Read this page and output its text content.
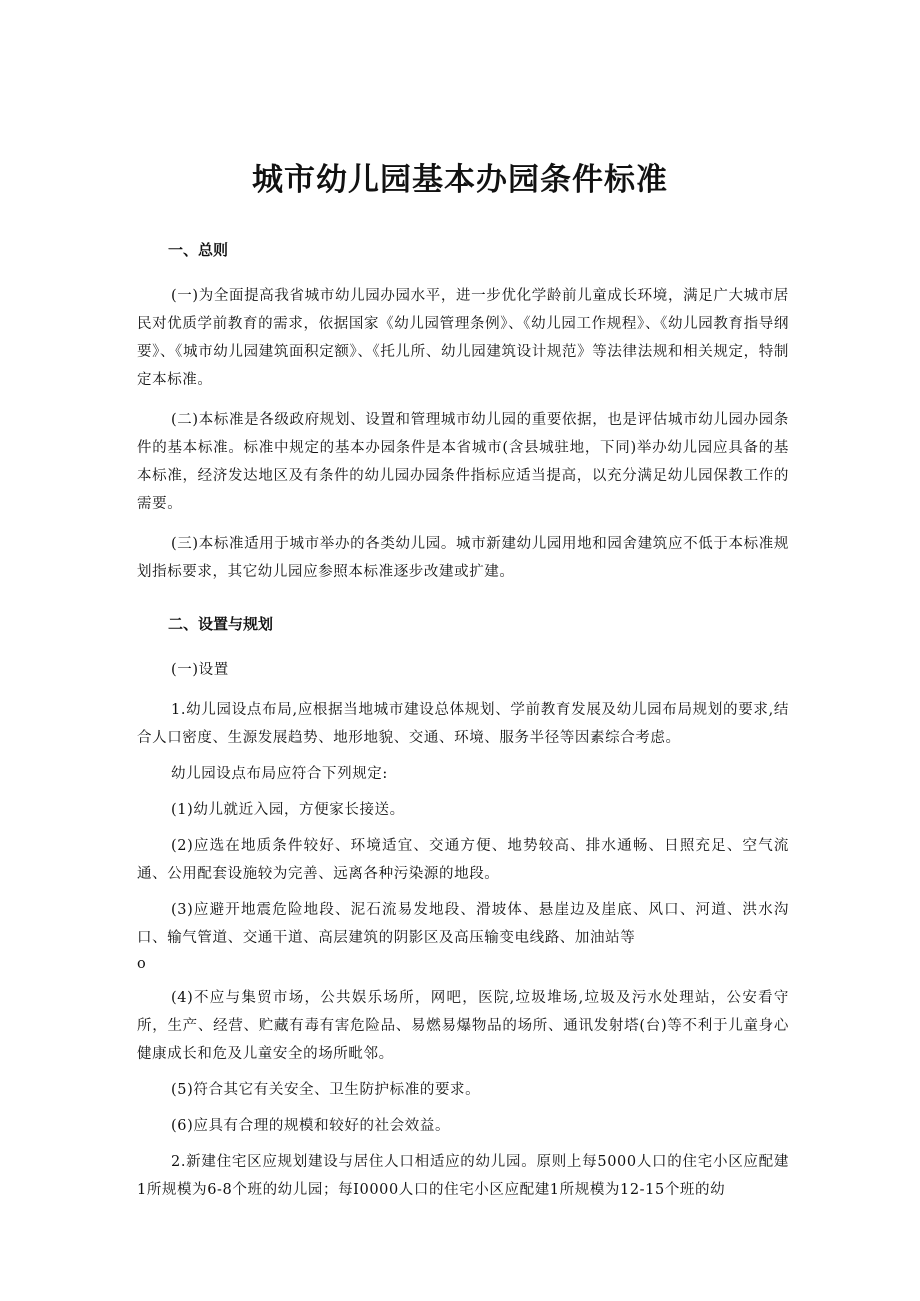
城市幼儿园基本办园条件标准

一、总则

(一)为全面提高我省城市幼儿园办园水平，进一步优化学龄前儿童成长环境，满足广大城市居民对优质学前教育的需求，依据国家《幼儿园管理条例》、《幼儿园工作规程》、《幼儿园教育指导纲要》、《城市幼儿园建筑面积定额》、《托儿所、幼儿园建筑设计规范》等法律法规和相关规定，特制定本标准。

(二)本标准是各级政府规划、设置和管理城市幼儿园的重要依据，也是评估城市幼儿园办园条件的基本标准。标准中规定的基本办园条件是本省城市(含县城驻地，下同)举办幼儿园应具备的基本标准，经济发达地区及有条件的幼儿园办园条件指标应适当提高，以充分满足幼儿园保教工作的需要。

(三)本标准适用于城市举办的各类幼儿园。城市新建幼儿园用地和园舍建筑应不低于本标准规划指标要求，其它幼儿园应参照本标准逐步改建或扩建。

二、设置与规划

(一)设置

1.幼儿园设点布局,应根据当地城市建设总体规划、学前教育发展及幼儿园布局规划的要求,结合人口密度、生源发展趋势、地形地貌、交通、环境、服务半径等因素综合考虑。

幼儿园设点布局应符合下列规定:

(1)幼儿就近入园，方便家长接送。

(2)应选在地质条件较好、环境适宜、交通方便、地势较高、排水通畅、日照充足、空气流通、公用配套设施较为完善、远离各种污染源的地段。

(3)应避开地震危险地段、泥石流易发地段、滑坡体、悬崖边及崖底、风口、河道、洪水沟口、输气管道、交通干道、高层建筑的阴影区及高压输变电线路、加油站等

o

(4)不应与集贸市场，公共娱乐场所，网吧，医院,垃圾堆场,垃圾及污水处理站，公安看守所，生产、经营、贮藏有毒有害危险品、易燃易爆物品的场所、通讯发射塔(台)等不利于儿童身心健康成长和危及儿童安全的场所毗邻。

(5)符合其它有关安全、卫生防护标准的要求。

(6)应具有合理的规模和较好的社会效益。

2.新建住宅区应规划建设与居住人口相适应的幼儿园。原则上每5000人口的住宅小区应配建1所规模为6-8个班的幼儿园；每I0000人口的住宅小区应配建1所规模为12-15个班的幼
